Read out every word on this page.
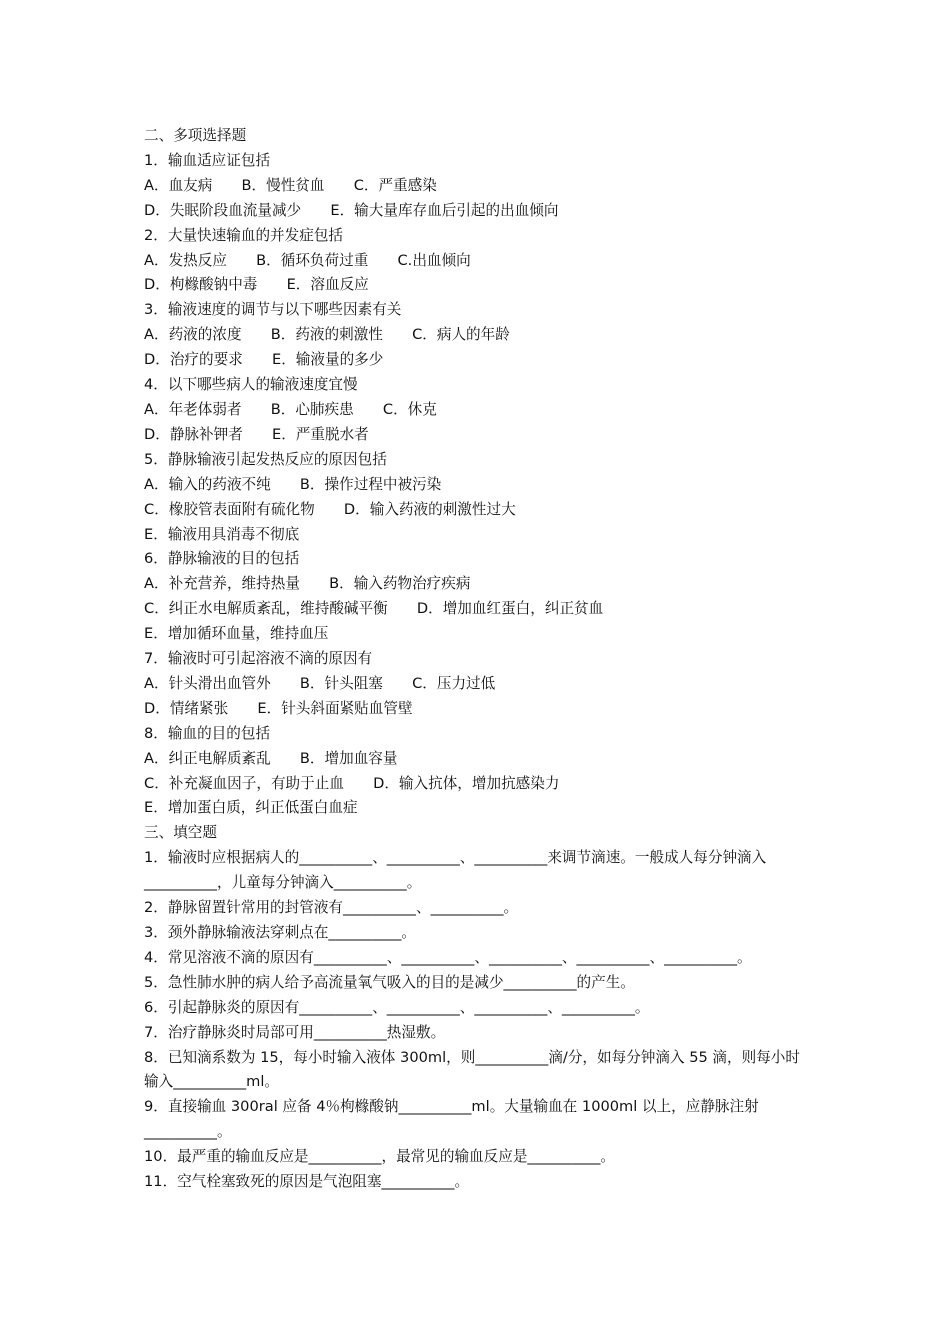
二、多项选择题
1．输血适应证包括
A．血友病　　B．慢性贫血　　C．严重感染
D．失眠阶段血流量减少　　E．输大量库存血后引起的出血倾向
2．大量快速输血的并发症包括
A．发热反应　　B．循环负荷过重　　C.出血倾向
D．枸橼酸钠中毒　　E．溶血反应
3．输液速度的调节与以下哪些因素有关
A．药液的浓度　　B．药液的刺激性　　C．病人的年龄
D．治疗的要求　　E．输液量的多少
4．以下哪些病人的输液速度宜慢
A．年老体弱者　　B．心肺疾患　　C．休克
D．静脉补钾者　　E．严重脱水者
5．静脉输液引起发热反应的原因包括
A．输入的药液不纯　　B．操作过程中被污染
C．橡胶管表面附有硫化物　　D．输入药液的刺激性过大
E．输液用具消毒不彻底
6．静脉输液的目的包括
A．补充营养，维持热量　　B．输入药物治疗疾病
C．纠正水电解质紊乱，维持酸碱平衡　　D．增加血红蛋白，纠正贫血
E．增加循环血量，维持血压
7．输液时可引起溶液不滴的原因有
A．针头滑出血管外　　B．针头阻塞　　C．压力过低
D．情绪紧张　　E．针头斜面紧贴血管壁
8．输血的目的包括
A．纠正电解质紊乱　　B．增加血容量
C．补充凝血因子，有助于止血　　D．输入抗体，增加抗感染力
E．增加蛋白质，纠正低蛋白血症
三、填空题
1．输液时应根据病人的__________、__________、__________来调节滴速。一般成人每分钟滴入__________，儿童每分钟滴入__________。
2．静脉留置针常用的封管液有__________、__________。
3．颈外静脉输液法穿刺点在__________。
4．常见溶液不滴的原因有__________、__________、__________、__________、__________。
5．急性肺水肿的病人给予高流量氧气吸入的目的是减少__________的产生。
6．引起静脉炎的原因有__________、__________、__________、__________。
7．治疗静脉炎时局部可用__________热湿敷。
8．已知滴系数为 15，每小时输入液体 300ml，则__________滴/分，如每分钟滴入 55 滴，则每小时输入__________ml。
9．直接输血 300ral 应备 4％枸橼酸钠__________ml。大量输血在 1000ml 以上，应静脉注射__________。
10．最严重的输血反应是__________，最常见的输血反应是__________。
11．空气栓塞致死的原因是气泡阻塞__________。
